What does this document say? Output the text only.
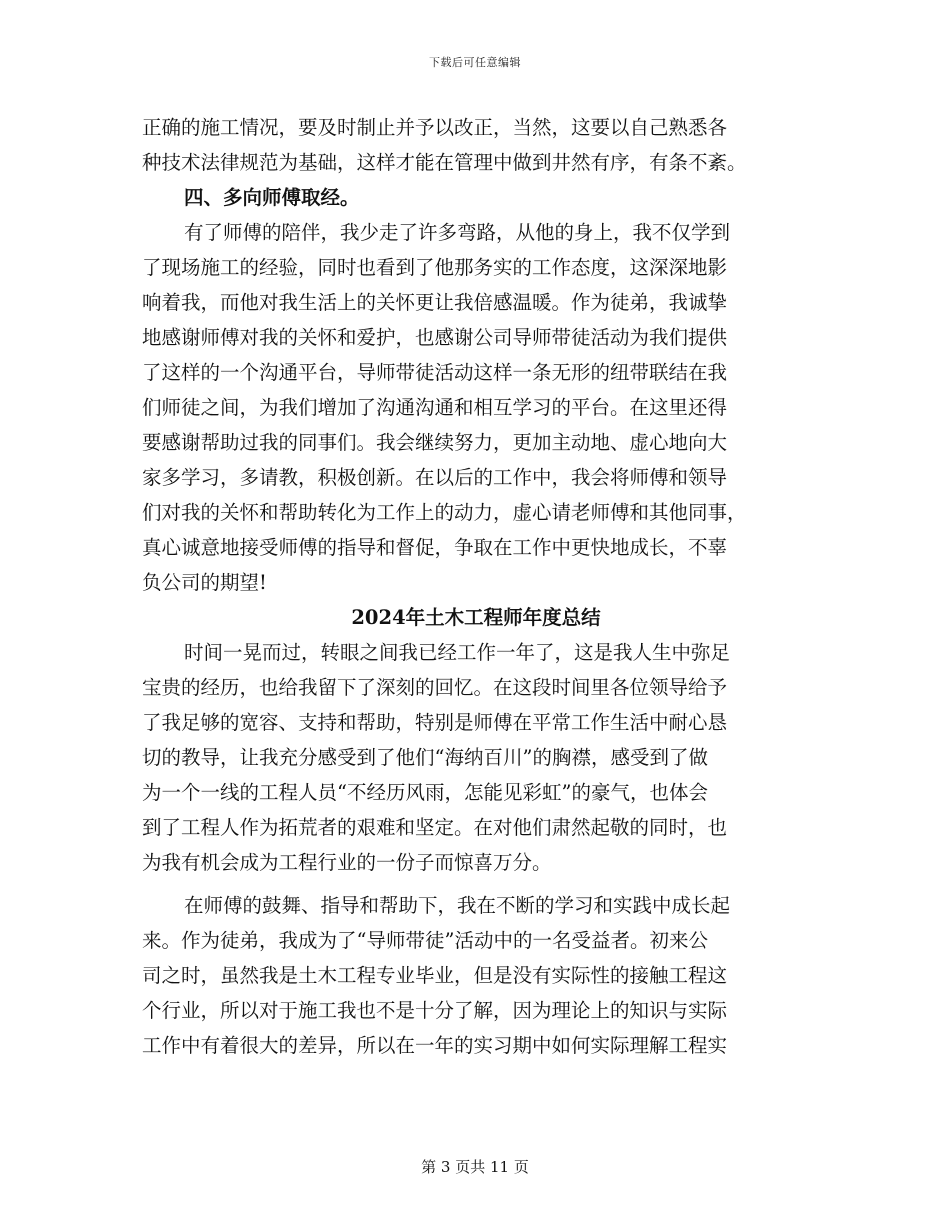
下载后可任意编辑
正确的施工情况，要及时制止并予以改正，当然，这要以自己熟悉各
种技术法律规范为基础，这样才能在管理中做到井然有序，有条不紊。
四、多向师傅取经。
有了师傅的陪伴，我少走了许多弯路，从他的身上，我不仅学到
了现场施工的经验，同时也看到了他那务实的工作态度，这深深地影
响着我，而他对我生活上的关怀更让我倍感温暖。作为徒弟，我诚挚
地感谢师傅对我的关怀和爱护，也感谢公司导师带徒活动为我们提供
了这样的一个沟通平台，导师带徒活动这样一条无形的纽带联结在我
们师徒之间，为我们增加了沟通沟通和相互学习的平台。在这里还得
要感谢帮助过我的同事们。我会继续努力，更加主动地、虚心地向大
家多学习，多请教，积极创新。在以后的工作中，我会将师傅和领导
们对我的关怀和帮助转化为工作上的动力，虚心请老师傅和其他同事，
真心诚意地接受师傅的指导和督促，争取在工作中更快地成长，不辜
负公司的期望!
2024年土木工程师年度总结
时间一晃而过，转眼之间我已经工作一年了，这是我人生中弥足
宝贵的经历，也给我留下了深刻的回忆。在这段时间里各位领导给予
了我足够的宽容、支持和帮助，特别是师傅在平常工作生活中耐心恳
切的教导，让我充分感受到了他们“海纳百川”的胸襟，感受到了做
为一个一线的工程人员“不经历风雨，怎能见彩虹”的豪气，也体会
到了工程人作为拓荒者的艰难和坚定。在对他们肃然起敬的同时，也
为我有机会成为工程行业的一份子而惊喜万分。
在师傅的鼓舞、指导和帮助下，我在不断的学习和实践中成长起
来。作为徒弟，我成为了“导师带徒”活动中的一名受益者。初来公
司之时，虽然我是土木工程专业毕业，但是没有实际性的接触工程这
个行业，所以对于施工我也不是十分了解，因为理论上的知识与实际
工作中有着很大的差异，所以在一年的实习期中如何实际理解工程实
第 3 页共 11 页
